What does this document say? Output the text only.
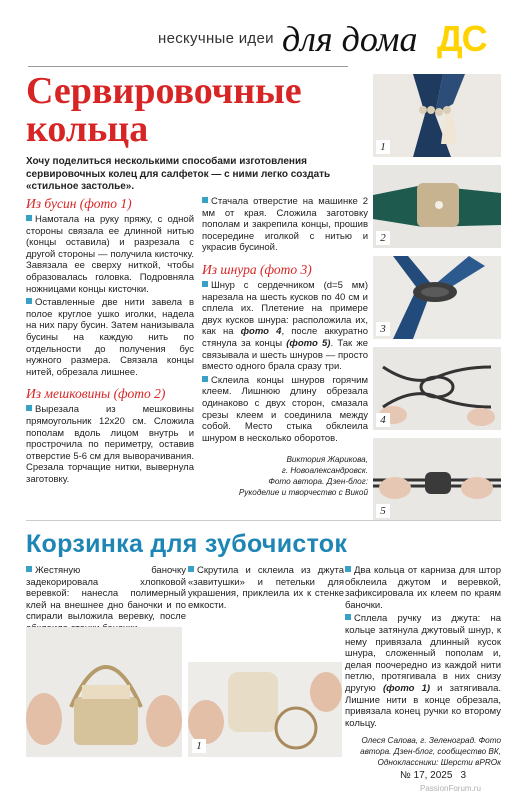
нескучные идеи для дома ДС
Сервировочные кольца
Хочу поделиться несколькими способами изготовления сервировочных колец для салфеток — с ними легко создать «стильное застолье».
Из бусин (фото 1)

Намотала на руку пряжу, с одной стороны связала ее длинной нитью (концы оставила) и разрезала с другой стороны — получила кисточку. Завязала ее сверху ниткой, чтобы образовалась головка. Подровняла ножницами концы кисточки.

Оставленные две нити завела в полое круглое ушко иголки, надела на них пару бусин. Затем нанизывала бусины на каждую нить по отдельности до получения бус нужного размера. Связала концы нитей, обрезала лишнее.

Из мешковины (фото 2)

Вырезала из мешковины прямоугольник 12х20 см. Сложила пополам вдоль лицом внутрь и прострочила по периметру, оставив отверстие 5-6 см для выворачивания. Срезала торчащие нитки, вывернула заготовку.

Стачала отверстие на машинке 2 мм от края. Сложила заготовку пополам и закрепила концы, прошив посередине иголкой с нитью и украсив бусиной.

Из шнура (фото 3)

Шнур с сердечником (d=5 мм) нарезала на шесть кусков по 40 см и сплела их. Плетение на примере двух кусков шнура: расположила их, как на фото 4, после аккуратно стянула за концы (фото 5). Так же связывала и шесть шнуров — просто вместо одного брала сразу три.

Склеила концы шнуров горячим клеем. Лишнюю длину обрезала одинаково с двух сторон, смазала срезы клеем и соединила между собой. Место стыка обклеила шнуром в несколько оборотов.

Виктория Жарикова,
г. Новоалександровск.
Фото автора. Дзен-блог:
Рукоделие и творчество с Викой
1
2
3
4
5
Корзинка для зубочисток

Жестяную баночку задекорировала хлопковой веревкой: нанесла полимерный клей на внешнее дно баночки и по спирали выложила веревку, после

Скрутила и склеила из джута «завитушки» и петельки для украшения, приклеила их к стенке емкости.

1

Два кольца от карниза для штор обклеила джутом и веревкой, зафиксировала их клеем по краям баночки.

Сплела ручку из джута: на кольце затянула джутовый шнур, к нему привязала длинный кусок шнура, сложенный пополам и, делая поочередно из каждой нити петлю, протягивала в них снизу другую (фото 1) и затягивала. Лишние нити в конце обрезала, привязала конец ручки ко второму кольцу.

Олеся Салова, г. Зеленоград. Фото автора. Дзен-блог, сообщество ВК,
Одноклассники: Шерсти вPROк
№ 17, 2025 3
PassionForum.ru
